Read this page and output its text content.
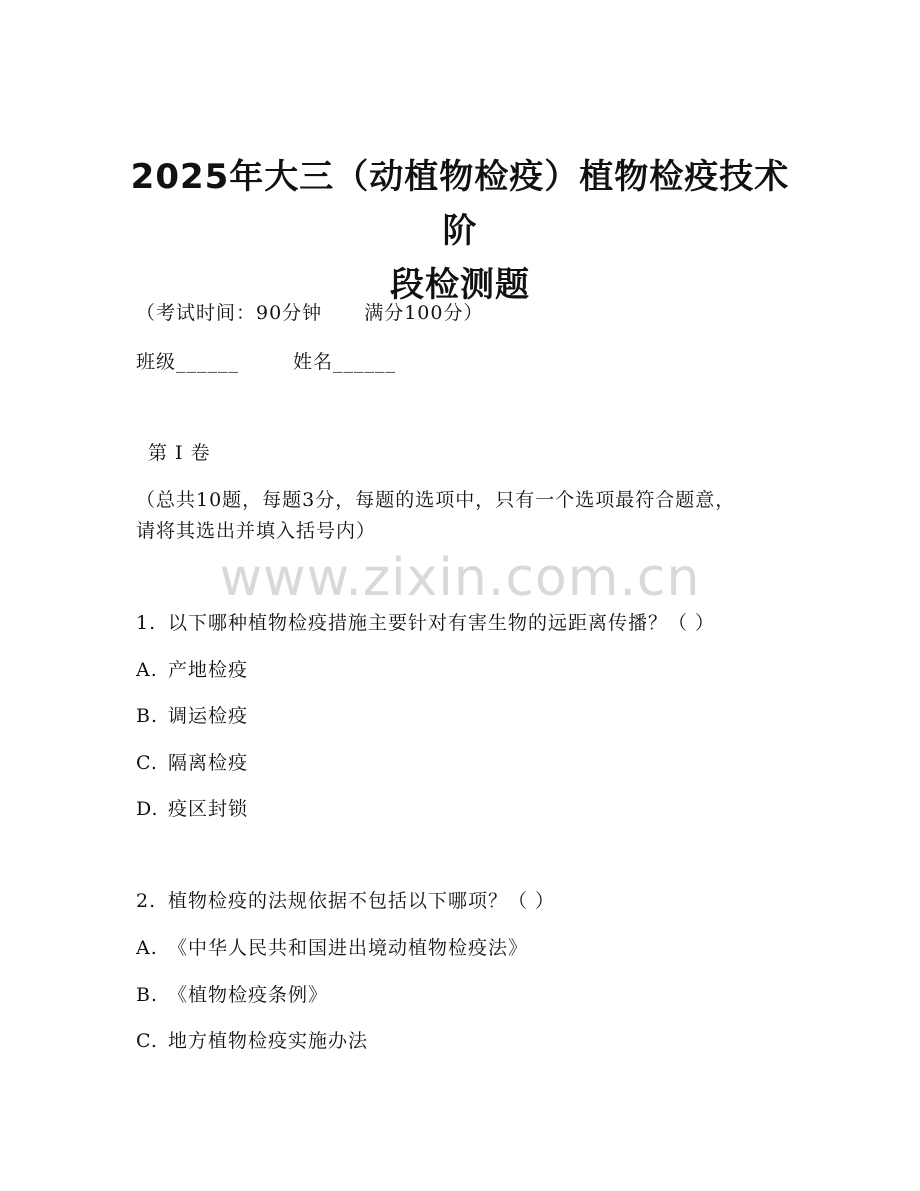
2025年大三（动植物检疫）植物检疫技术阶
段检测题
（考试时间：90分钟 满分100分）
班级______	姓名______
第 I 卷
（总共10题，每题3分，每题的选项中，只有一个选项最符合题意，
请将其选出并填入括号内）
www.zixin.com.cn
1. 以下哪种植物检疫措施主要针对有害生物的远距离传播？（ ）
A. 产地检疫
B. 调运检疫
C. 隔离检疫
D. 疫区封锁
2. 植物检疫的法规依据不包括以下哪项？（ ）
A. 《中华人民共和国进出境动植物检疫法》
B. 《植物检疫条例》
C. 地方植物检疫实施办法
